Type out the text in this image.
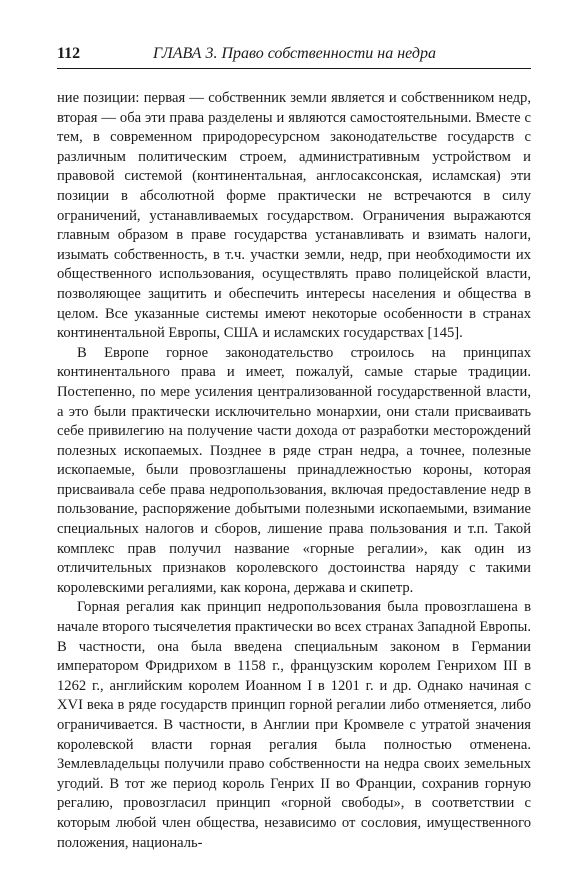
112	ГЛАВА 3. Право собственности на недра

ние позиции: первая — собственник земли является и собственником недр, вторая — оба эти права разделены и являются самостоятельными. Вместе с тем, в современном природоресурсном законодательстве государств с различным политическим строем, административным устройством и правовой системой (континентальная, англосаксонская, исламская) эти позиции в абсолютной форме практически не встречаются в силу ограничений, устанавливаемых государством. Ограничения выражаются главным образом в праве государства устанавливать и взимать налоги, изымать собственность, в т.ч. участки земли, недр, при необходимости их общественного использования, осуществлять право полицейской власти, позволяющее защитить и обеспечить интересы населения и общества в целом. Все указанные системы имеют некоторые особенности в странах континентальной Европы, США и исламских государствах [145].

В Европе горное законодательство строилось на принципах континентального права и имеет, пожалуй, самые старые традиции. Постепенно, по мере усиления централизованной государственной власти, а это были практически исключительно монархии, они стали присваивать себе привилегию на получение части дохода от разработки месторождений полезных ископаемых. Позднее в ряде стран недра, а точнее, полезные ископаемые, были провозглашены принадлежностью короны, которая присваивала себе права недропользования, включая предоставление недр в пользование, распоряжение добытыми полезными ископаемыми, взимание специальных налогов и сборов, лишение права пользования и т.п. Такой комплекс прав получил название «горные регалии», как один из отличительных признаков королевского достоинства наряду с такими королевскими регалиями, как корона, держава и скипетр.

Горная регалия как принцип недропользования была провозглашена в начале второго тысячелетия практически во всех странах Западной Европы. В частности, она была введена специальным законом в Германии императором Фридрихом в 1158 г., французским королем Генрихом III в 1262 г., английским королем Иоанном I в 1201 г. и др. Однако начиная с XVI века в ряде государств принцип горной регалии либо отменяется, либо ограничивается. В частности, в Англии при Кромвеле с утратой значения королевской власти горная регалия была полностью отменена. Землевладельцы получили право собственности на недра своих земельных угодий. В тот же период король Генрих II во Франции, сохранив горную регалию, провозгласил принцип «горной свободы», в соответствии с которым любой член общества, независимо от сословия, имущественного положения, националь-
